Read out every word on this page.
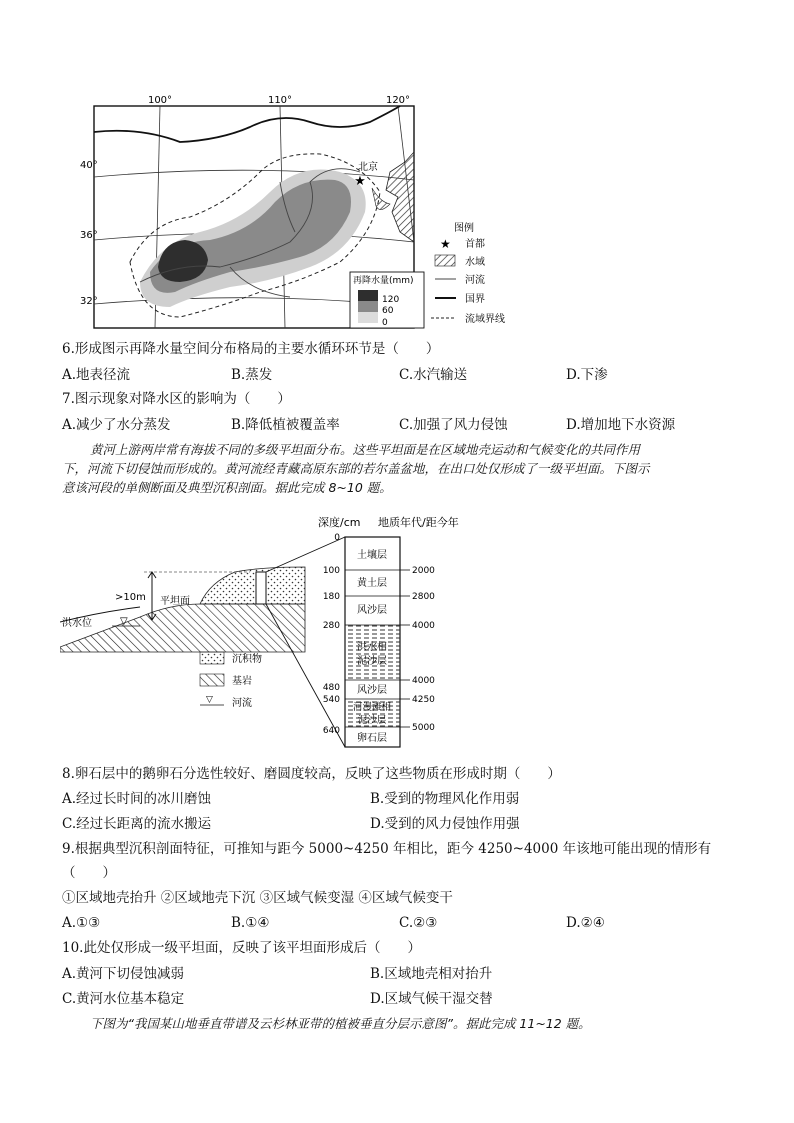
100°	110°	120°
40°
36°
32°
★
北京
再降水量(mm)
120
60
0
图例
★ 首都
水域
河流
国界
流域界线
6.形成图示再降水量空间分布格局的主要水循环环节是（　　）
A.地表径流	B.蒸发	C.水汽输送	D.下渗
7.图示现象对降水区的影响为（　　）
A.减少了水分蒸发	B.降低植被覆盖率	C.加强了风力侵蚀	D.增加地下水资源
黄河上游两岸常有海拔不同的多级平坦面分布。这些平坦面是在区域地壳运动和气候变化的共同作用
下，河流下切侵蚀而形成的。黄河流经青藏高原东部的若尔盖盆地，在出口处仅形成了一级平坦面。下图示
意该河段的单侧断面及典型沉积剖面。据此完成 8~10 题。
深度/cm 地质年代/距今年
>10m 平坦面
洪水位	▽
土壤层
黄土层
风沙层
洪水相
泥沙层
风沙层
河漫滩相
泥沙层
卵石层
0
100
180
280
480
540
640
2000
2800
4000
4000
4250
5000
沉积物
基岩
▽ 河流
8.卵石层中的鹅卵石分选性较好、磨圆度较高，反映了这些物质在形成时期（　　）
A.经过长时间的冰川磨蚀	B.受到的物理风化作用弱
C.经过长距离的流水搬运	D.受到的风力侵蚀作用强
9.根据典型沉积剖面特征，可推知与距今 5000~4250 年相比，距今 4250~4000 年该地可能出现的情形有
（　　）
①区域地壳抬升 ②区域地壳下沉 ③区域气候变湿 ④区域气候变干
A.①③	B.①④	C.②③	D.②④
10.此处仅形成一级平坦面，反映了该平坦面形成后（　　）
A.黄河下切侵蚀减弱	B.区域地壳相对抬升
C.黄河水位基本稳定	D.区域气候干湿交替
下图为“我国某山地垂直带谱及云杉林亚带的植被垂直分层示意图”。据此完成 11~12 题。
